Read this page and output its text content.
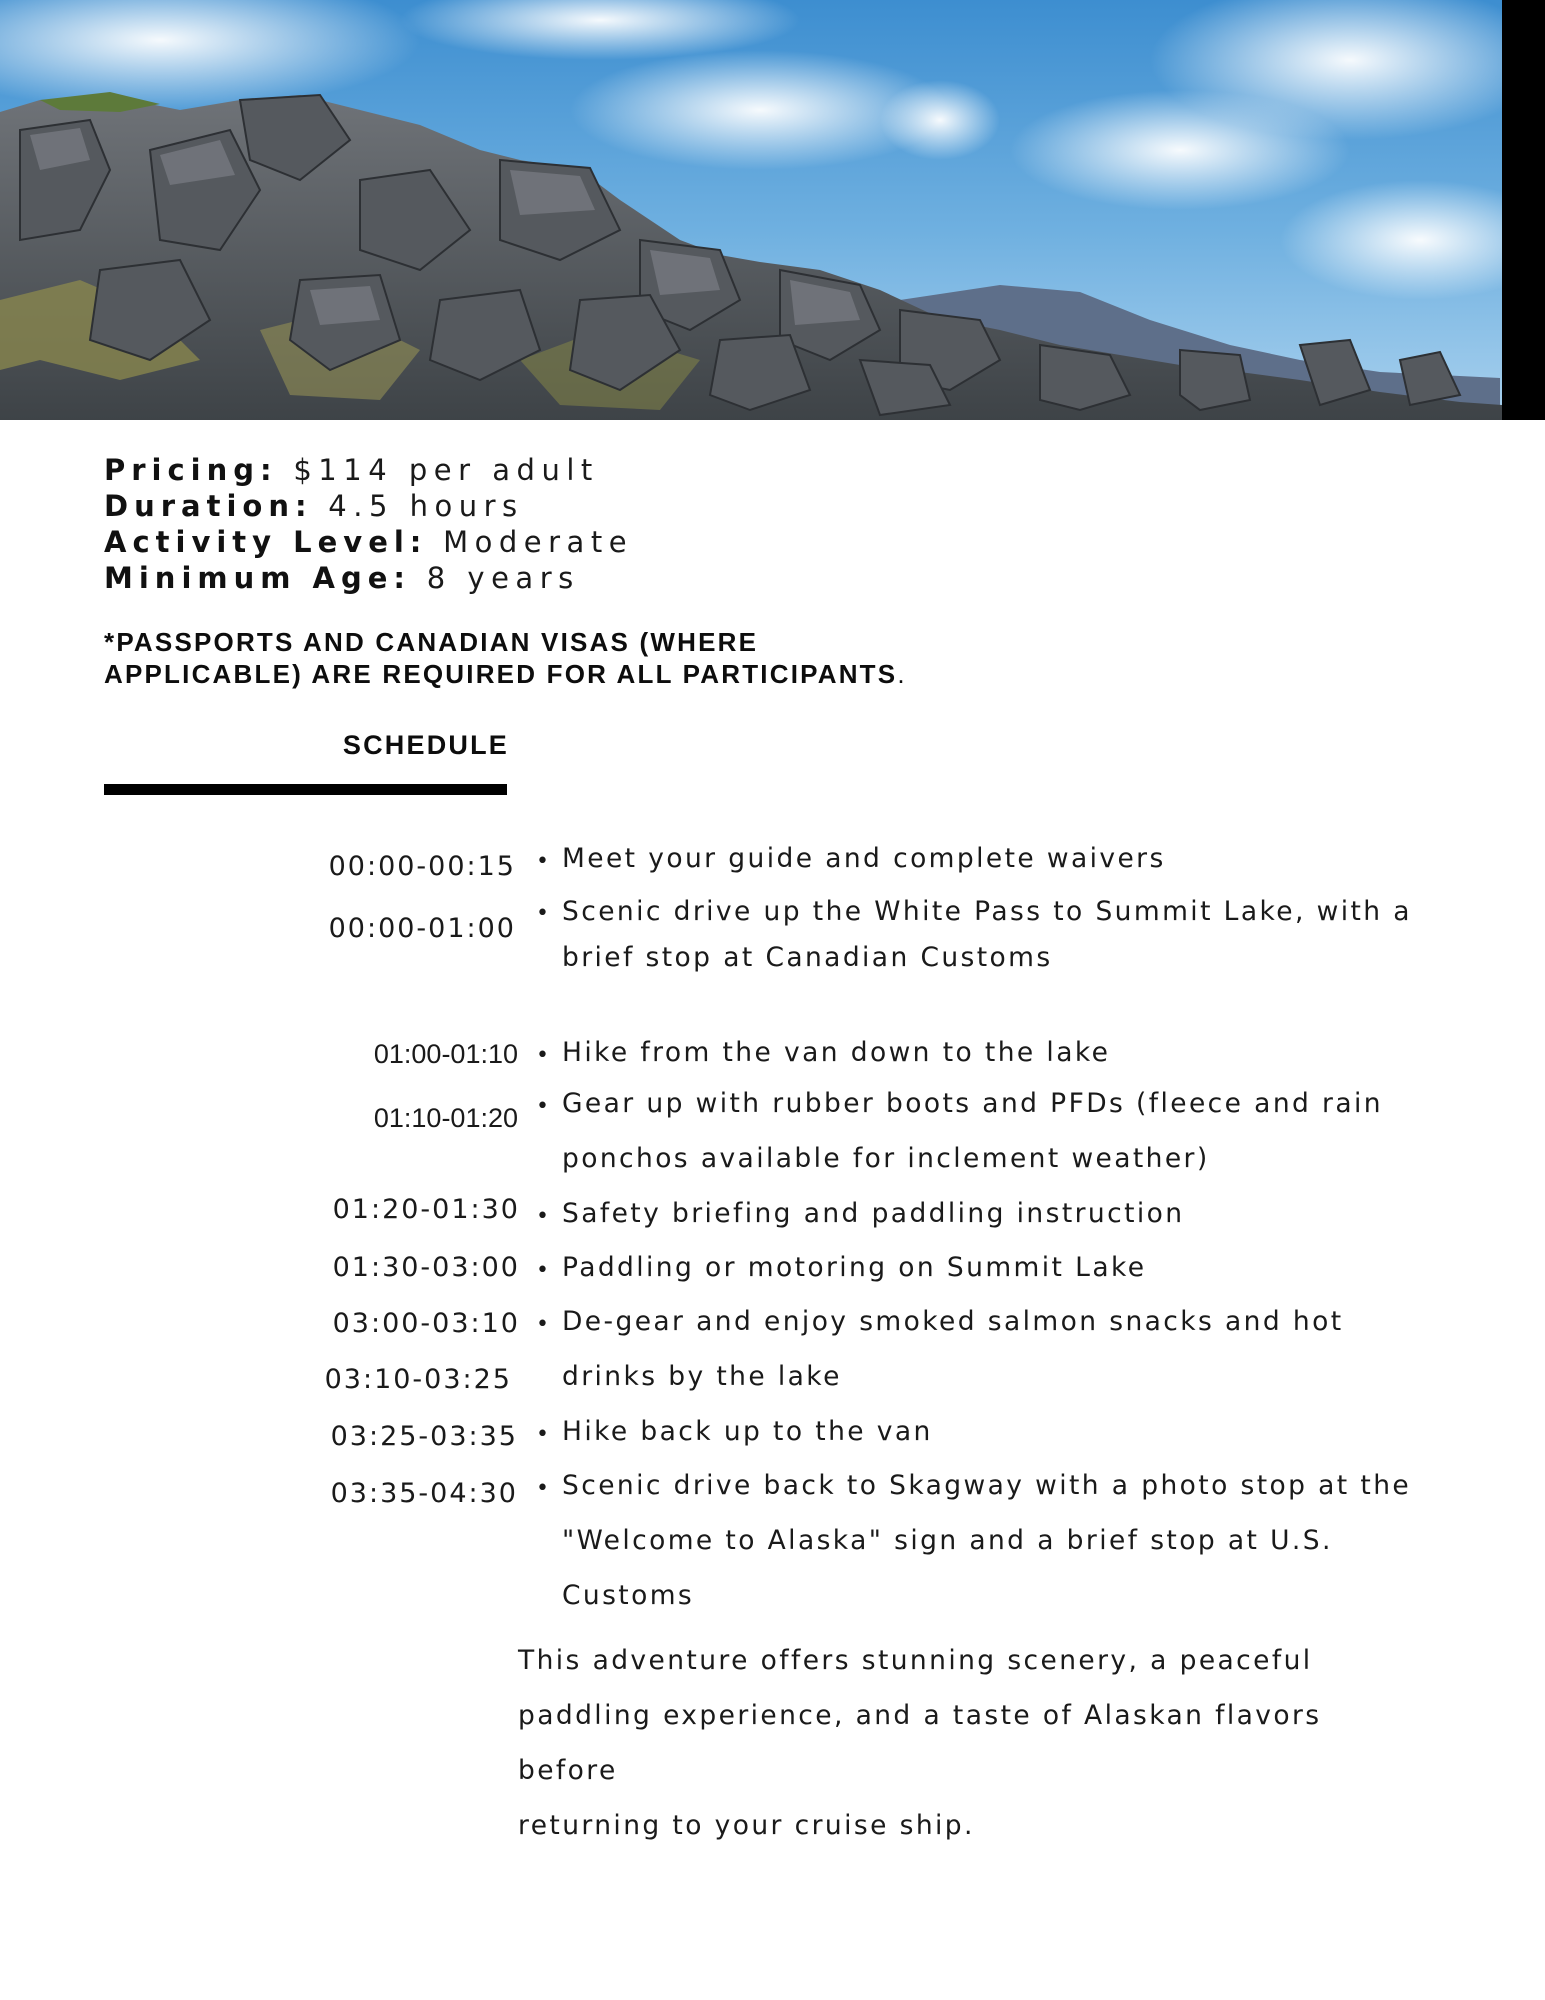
Pricing: $114 per adult
Duration: 4.5 hours
Activity Level: Moderate
Minimum Age: 8 years
*PASSPORTS AND CANADIAN VISAS (WHERE
APPLICABLE) ARE REQUIRED FOR ALL PARTICIPANTS.
SCHEDULE
00:00-00:15
00:00-01:00
01:00-01:10
01:10-01:20
01:20-01:30
01:30-03:00
03:00-03:10
03:10-03:25
03:25-03:35
03:35-04:30
•
•
•
•
•
•
•
•
•
Meet your guide and complete waivers
Scenic drive up the White Pass to Summit Lake, with a
brief stop at Canadian Customs
Hike from the van down to the lake
Gear up with rubber boots and PFDs (fleece and rain
ponchos available for inclement weather)
Safety briefing and paddling instruction
Paddling or motoring on Summit Lake
De-gear and enjoy smoked salmon snacks and hot
drinks by the lake
Hike back up to the van
Scenic drive back to Skagway with a photo stop at the
"Welcome to Alaska" sign and a brief stop at U.S.
Customs
This adventure offers stunning scenery, a peaceful
paddling experience, and a taste of Alaskan flavors before
returning to your cruise ship.
